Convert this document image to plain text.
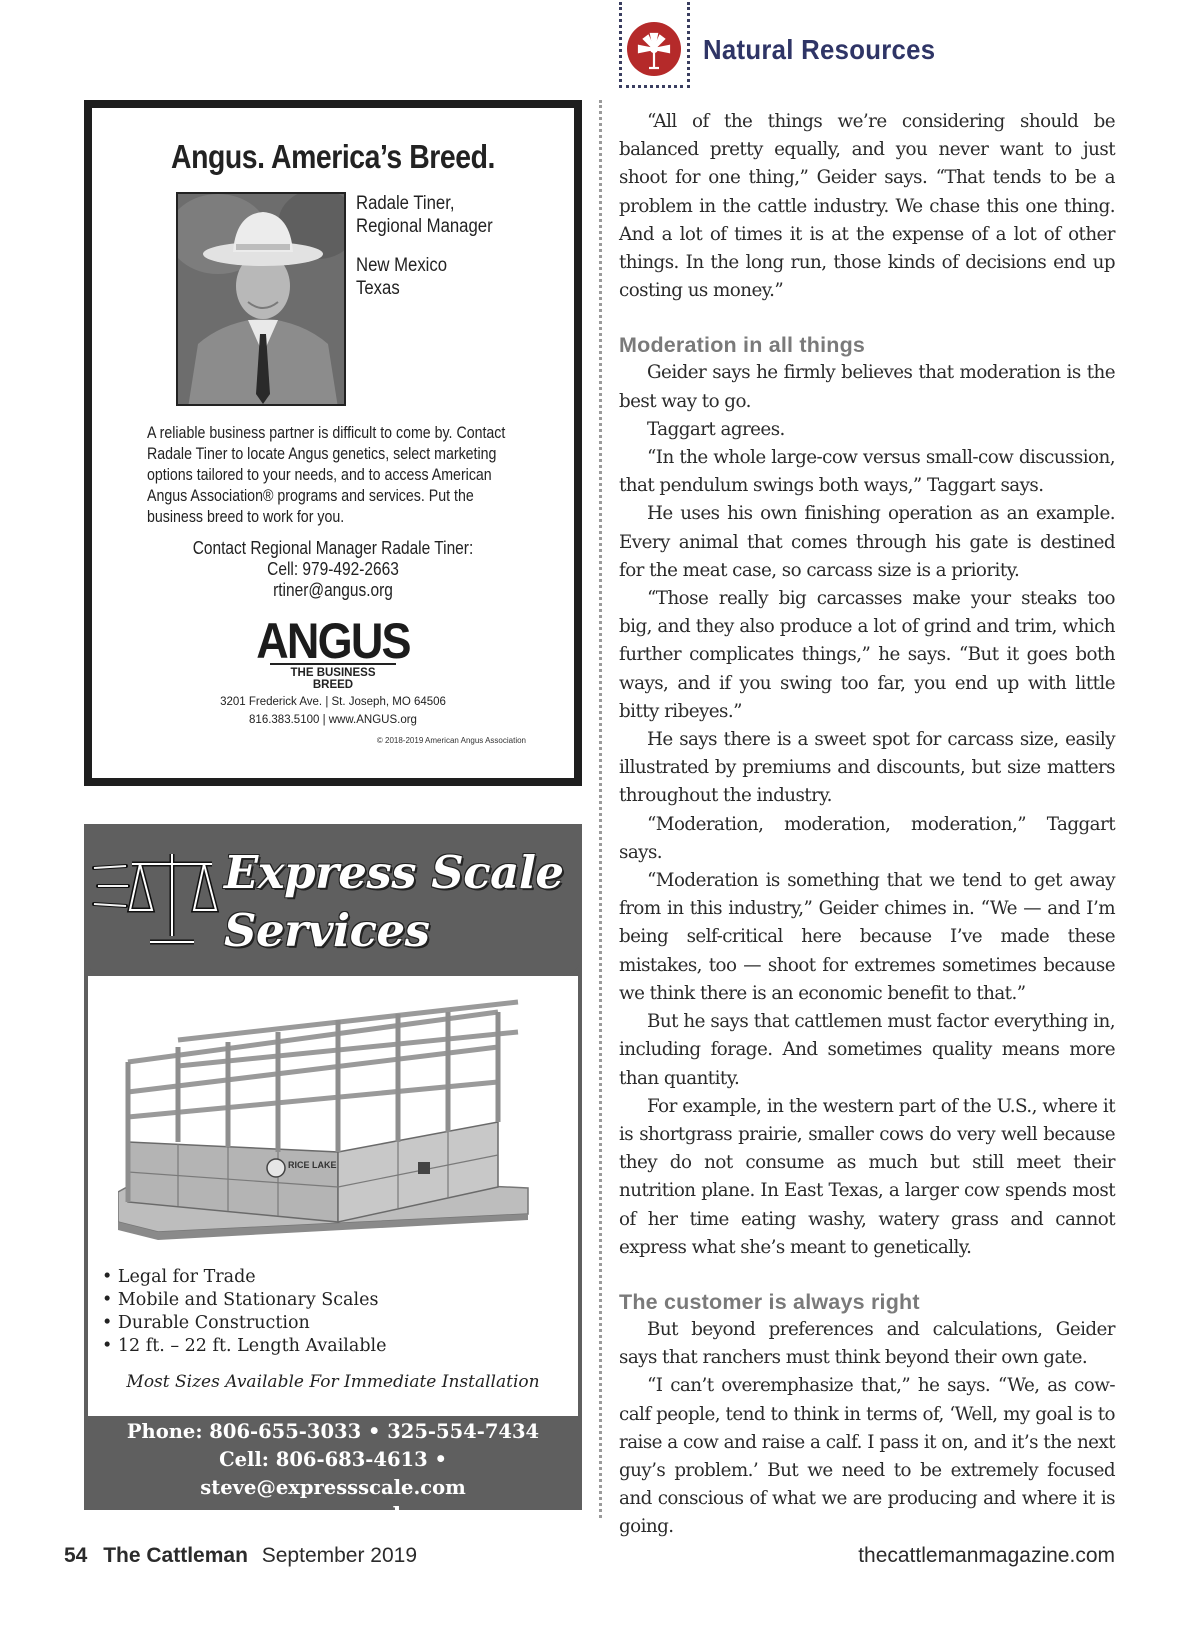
Natural Resources
Angus. America’s Breed.
Radale Tiner,
Regional Manager
New Mexico
Texas
A reliable business partner is difficult to come by. Contact Radale Tiner to locate Angus genetics, select marketing options tailored to your needs, and to access American Angus Association® programs and services. Put the business breed to work for you.
Contact Regional Manager Radale Tiner:
Cell: 979-492-2663
rtiner@angus.org
ANGUS
THE BUSINESS BREED
3201 Frederick Ave. | St. Joseph, MO 64506
816.383.5100 | www.ANGUS.org
© 2018-2019 American Angus Association
Express Scale
Services
RICE LAKE
• Legal for Trade
• Mobile and Stationary Scales
• Durable Construction
• 12 ft. – 22 ft. Length Available
Most Sizes Available For Immediate Installation
Phone: 806-655-3033 • 325-554-7434
Cell: 806-683-4613 • steve@expressscale.com
www.expressscale.com

“All of the things we’re considering should be balanced pretty equally, and you never want to just shoot for one thing,” Geider says. “That tends to be a problem in the cattle industry. We chase this one thing. And a lot of times it is at the expense of a lot of other things. In the long run, those kinds of decisions end up costing us money.”

Moderation in all things

Geider says he firmly believes that moderation is the best way to go.

Taggart agrees.

“In the whole large-cow versus small-cow discussion, that pendulum swings both ways,” Taggart says.

He uses his own finishing operation as an example. Every animal that comes through his gate is destined for the meat case, so carcass size is a priority.

“Those really big carcasses make your steaks too big, and they also produce a lot of grind and trim, which further complicates things,” he says. “But it goes both ways, and if you swing too far, you end up with little bitty ribeyes.”

He says there is a sweet spot for carcass size, easily illustrated by premiums and discounts, but size matters throughout the industry.

“Moderation, moderation, moderation,” Taggart says.

“Moderation is something that we tend to get away from in this industry,” Geider chimes in. “We — and I’m being self-critical here because I’ve made these mistakes, too — shoot for extremes sometimes because we think there is an economic benefit to that.”

But he says that cattlemen must factor everything in, including forage. And sometimes quality means more than quantity.

For example, in the western part of the U.S., where it is shortgrass prairie, smaller cows do very well because they do not consume as much but still meet their nutrition plane. In East Texas, a larger cow spends most of her time eating washy, watery grass and cannot express what she’s meant to genetically.

The customer is always right

But beyond preferences and calculations, Geider says that ranchers must think beyond their own gate.

“I can’t overemphasize that,” he says. “We, as cow-calf people, tend to think in terms of, ‘Well, my goal is to raise a cow and raise a calf. I pass it on, and it’s the next guy’s problem.’ But we need to be extremely focused and conscious of what we are producing and where it is going.

54 The Cattleman September 2019	thecattlemanmagazine.com
